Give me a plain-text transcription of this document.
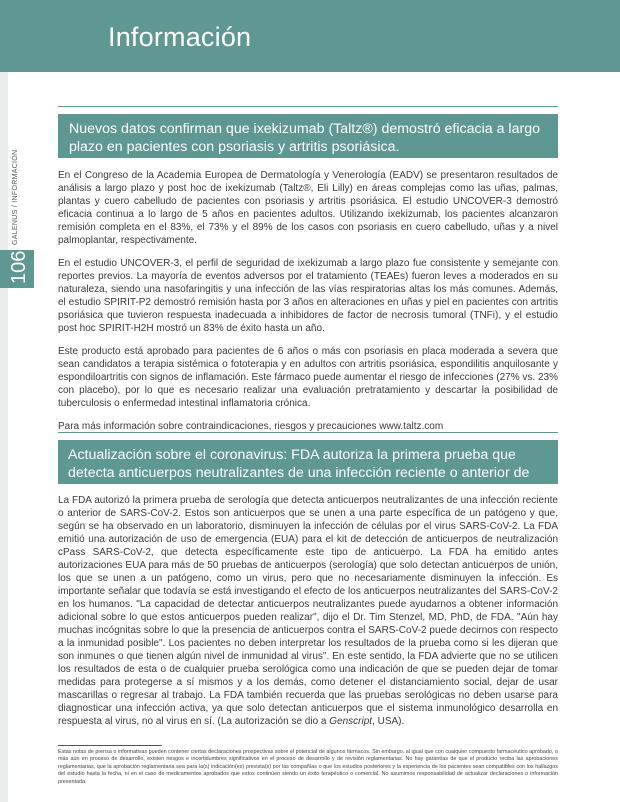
Información
GALENUS / INFORMACIÓN
106
Nuevos datos confirman que ixekizumab (Taltz®) demostró eficacia a largo plazo en pacientes con psoriasis y artritis psoriásica.

En el Congreso de la Academia Europea de Dermatología y Venerología (EADV) se presentaron resultados de análisis a largo plazo y post hoc de ixekizumab (Taltz®, Eli Lilly) en áreas complejas como las uñas, palmas, plantas y cuero cabelludo de pacientes con psoriasis y artritis psoriásica. El estudio UNCOVER-3 demostró eficacia continua a lo largo de 5 años en pacientes adultos. Utilizando ixekizumab, los pacientes alcanzaron remisión completa en el 83%, el 73% y el 89% de los casos con psoriasis en cuero cabelludo, uñas y a nivel palmoplantar, respectivamente.

En el estudio UNCOVER-3, el perfil de seguridad de ixekizumab a largo plazo fue consistente y semejante con reportes previos. La mayoría de eventos adversos por el tratamiento (TEAEs) fueron leves a moderados en su naturaleza, siendo una nasofaringitis y una infección de las vías respiratorias altas los más comunes. Además, el estudio SPIRIT-P2 demostró remisión hasta por 3 años en alteraciones en uñas y piel en pacientes con artritis psoriásica que tuvieron respuesta inadecuada a inhibidores de factor de necrosis tumoral (TNFi), y el estudio post hoc SPIRIT-H2H mostró un 83% de éxito hasta un año.

Este producto está aprobado para pacientes de 6 años o más con psoriasis en placa moderada a severa que sean candidatos a terapia sistémica o fototerapia y en adultos con artritis psoriásica, espondilitis anquilosante y espondiloartritis con signos de inflamación. Este fármaco puede aumentar el riesgo de infecciones (27% vs. 23% con placebo), por lo que es necesario realizar una evaluación pretratamiento y descartar la posibilidad de tuberculosis o enfermedad intestinal inflamatoria crónica.

Para más información sobre contraindicaciones, riesgos y precauciones www.taltz.com

Actualización sobre el coronavirus: FDA autoriza la primera prueba que detecta anticuerpos neutralizantes de una infección reciente o anterior de SARS-CoV-2.

La FDA autorizó la primera prueba de serología que detecta anticuerpos neutralizantes de una infección reciente o anterior de SARS-CoV-2. Estos son anticuerpos que se unen a una parte específica de un patógeno y que, según se ha observado en un laboratorio, disminuyen la infección de células por el virus SARS-CoV-2. La FDA emitió una autorización de uso de emergencia (EUA) para el kit de detección de anticuerpos de neutralización cPass SARS-CoV-2, que detecta específicamente este tipo de anticuerpo. La FDA ha emitido antes autorizaciones EUA para más de 50 pruebas de anticuerpos (serología) que solo detectan anticuerpos de unión, los que se unen a un patógeno, como un virus, pero que no necesariamente disminuyen la infección. Es importante señalar que todavía se está investigando el efecto de los anticuerpos neutralizantes del SARS-CoV-2 en los humanos. "La capacidad de detectar anticuerpos neutralizantes puede ayudarnos a obtener información adicional sobre lo que estos anticuerpos pueden realizar", dijo el Dr. Tim Stenzel, MD, PhD, de FDA. "Aún hay muchas incógnitas sobre lo que la presencia de anticuerpos contra el SARS-CoV-2 puede decirnos con respecto a la inmunidad posible". Los pacientes no deben interpretar los resultados de la prueba como si les dijeran que son inmunes o que tienen algún nivel de inmunidad al virus". En este sentido, la FDA advierte que no se utilicen los resultados de esta o de cualquier prueba serológica como una indicación de que se pueden dejar de tomar medidas para protegerse a sí mismos y a los demás, como detener el distanciamiento social, dejar de usar mascarillas o regresar al trabajo. La FDA también recuerda que las pruebas serológicas no deben usarse para diagnosticar una infección activa, ya que solo detectan anticuerpos que el sistema inmunológico desarrolla en respuesta al virus, no al virus en sí. (La autorización se dio a Genscript, USA).

Estas notas de prensa o informativas pueden contener ciertas declaraciones prospectivas sobre el potencial de algunos fármacos. Sin embargo, al igual que con cualquier compuesto farmacéutico aprobado, o más aún en proceso de desarrollo, existen riesgos e incertidumbres significativos en el proceso de desarrollo y de revisión reglamentarias. No hay garantías de que el producto reciba las aprobaciones reglamentarias, que la aprobación reglamentaria sea para la(s) indicación(es) prevista(s) por las compañías o que los estudios posteriores y la experiencia de los pacientes sean compatibles con los hallazgos del estudio hasta la fecha, ni en el caso de medicamentos aprobados que estos continúen siendo un éxito terapéutico o comercial. No asumimos responsabilidad de actualizar declaraciones o información presentada.
